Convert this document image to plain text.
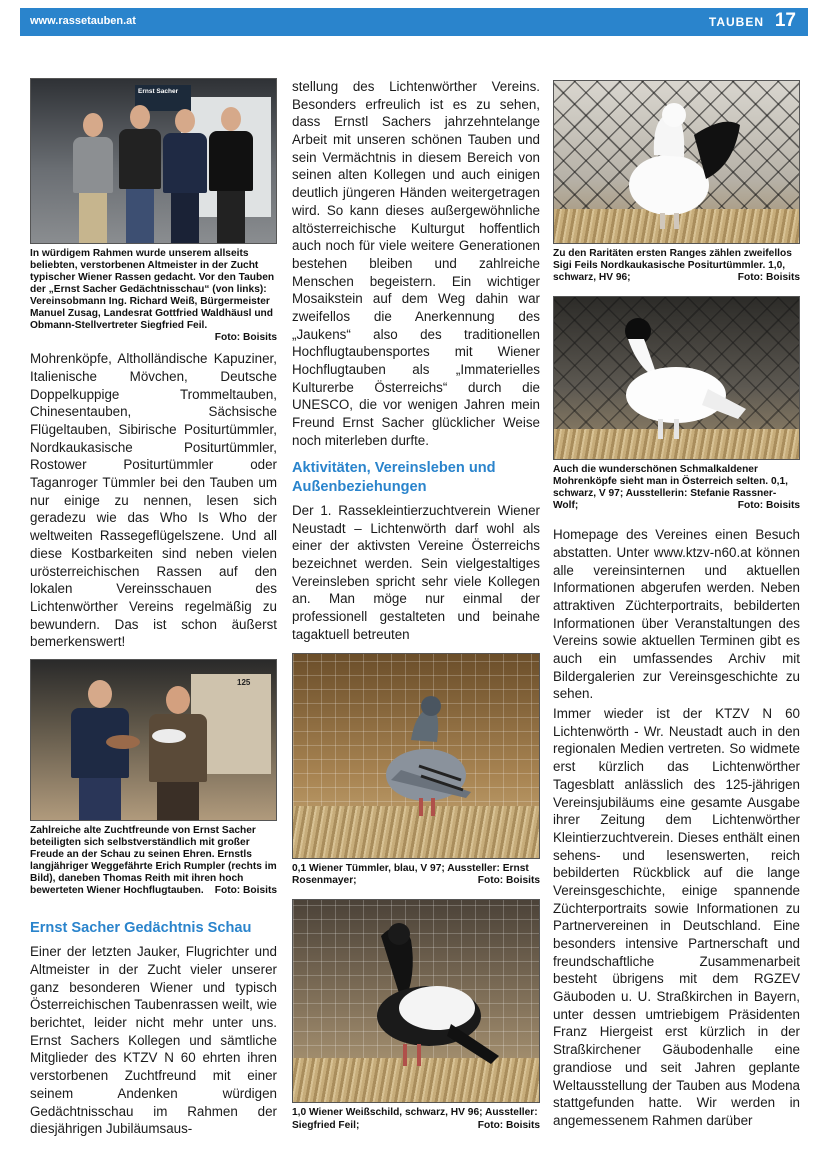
www.rassetauben.at	TAUBEN 17
Ernst Sacher

In würdigem Rahmen wurde unserem allseits beliebten, verstorbenen Altmeister in der Zucht typischer Wiener Rassen gedacht. Vor den Tauben der „Ernst Sacher Gedächtnisschau“ (von links): Vereinsobmann Ing. Richard Weiß, Bürgermeister Manuel Zusag, Landesrat Gottfried Waldhäusl und Obmann-Stellvertreter Siegfried Feil.
Foto: Boisits

Mohrenköpfe, Altholländische Kapuziner, Italienische Mövchen, Deutsche Doppelkuppige Trommeltauben, Chinesentauben, Sächsische Flügeltauben, Sibirische Positurtümmler, Nordkaukasische Positurtümmler, Rostower Positurtümmler oder Taganroger Tümmler bei den Tauben um nur einige zu nennen, lesen sich geradezu wie das Who Is Who der weltweiten Rassegeflügelszene. Und all diese Kostbarkeiten sind neben vielen urösterreichischen Rassen auf den lokalen Vereinsschauen des Lichtenwörther Vereins regelmäßig zu bewundern. Das ist schon äußerst bemerkenswert!

125

Zahlreiche alte Zuchtfreunde von Ernst Sacher beteiligten sich selbstverständlich mit großer Freude an der Schau zu seinen Ehren. Ernstls langjähriger Weggefährte Erich Rumpler (rechts im Bild), daneben Thomas Reith mit ihren hoch bewerteten Wiener Hochflugtauben. Foto: Boisits

Ernst Sacher Gedächtnis Schau

Einer der letzten Jauker, Flugrichter und Altmeister in der Zucht vieler unserer ganz besonderen Wiener und typisch Österreichischen Taubenrassen weilt, wie berichtet, leider nicht mehr unter uns. Ernst Sachers Kollegen und sämtliche Mitglieder des KTZV N 60 ehrten ihren verstorbenen Zuchtfreund mit einer seinem Andenken würdigen Gedächtnisschau im Rahmen der diesjährigen Jubiläumsaus-

stellung des Lichtenwörther Vereins. Besonders erfreulich ist es zu sehen, dass Ernstl Sachers jahrzehntelange Arbeit mit unseren schönen Tauben und sein Vermächtnis in diesem Bereich von seinen alten Kollegen und auch einigen deutlich jüngeren Händen weitergetragen wird. So kann dieses außergewöhnliche altösterreichische Kulturgut hoffentlich auch noch für viele weitere Generationen bestehen bleiben und zahlreiche Menschen begeistern. Ein wichtiger Mosaikstein auf dem Weg dahin war zweifellos die Anerkennung des „Jaukens“ also des traditionellen Hochflugtaubensportes mit Wiener Hochflugtauben als „Immaterielles Kulturerbe Österreichs“ durch die UNESCO, die vor wenigen Jahren mein Freund Ernst Sacher glücklicher Weise noch miterleben durfte.

Aktivitäten, Vereinsleben und Außenbeziehungen

Der 1. Rassekleintierzuchtverein Wiener Neustadt – Lichtenwörth darf wohl als einer der aktivsten Vereine Österreichs bezeichnet werden. Sein vielgestaltiges Vereinsleben spricht sehr viele Kollegen an. Man möge nur einmal der professionell gestalteten und beinahe tagaktuell betreuten

0,1 Wiener Tümmler, blau, V 97; Aussteller: Ernst Rosenmayer;	Foto: Boisits

1,0 Wiener Weißschild, schwarz, HV 96; Aussteller: Siegfried Feil;	Foto: Boisits

Zu den Raritäten ersten Ranges zählen zweifellos Sigi Feils Nordkaukasische Positurtümmler. 1,0, schwarz, HV 96;	Foto: Boisits

Auch die wunderschönen Schmalkaldener Mohrenköpfe sieht man in Österreich selten. 0,1, schwarz, V 97; Ausstellerin: Stefanie Rassner-Wolf;	Foto: Boisits

Homepage des Vereines einen Besuch abstatten. Unter www.ktzv-n60.at können alle vereinsinternen und aktuellen Informationen abgerufen werden. Neben attraktiven Züchterportraits, bebilderten Informationen über Veranstaltungen des Vereins sowie aktuellen Terminen gibt es auch ein umfassendes Archiv mit Bildergalerien zur Vereinsgeschichte zu sehen.

Immer wieder ist der KTZV N 60 Lichtenwörth - Wr. Neustadt auch in den regionalen Medien vertreten. So widmete erst kürzlich das Lichtenwörther Tagesblatt anlässlich des 125-jährigen Vereinsjubiläums eine gesamte Ausgabe ihrer Zeitung dem Lichtenwörther Kleintierzuchtverein. Dieses enthält einen sehens- und lesenswerten, reich bebilderten Rückblick auf die lange Vereinsgeschichte, einige spannende Züchterportraits sowie Informationen zu Partnervereinen in Deutschland. Eine besonders intensive Partnerschaft und freundschaftliche Zusammenarbeit besteht übrigens mit dem RGZEV Gäuboden u. U. Straßkirchen in Bayern, unter dessen umtriebigem Präsidenten Franz Hiergeist erst kürzlich in der Straßkirchener Gäubodenhalle eine grandiose und seit Jahren geplante Weltausstellung der Tauben aus Modena stattgefunden hatte. Wir werden in angemessenem Rahmen darüber
